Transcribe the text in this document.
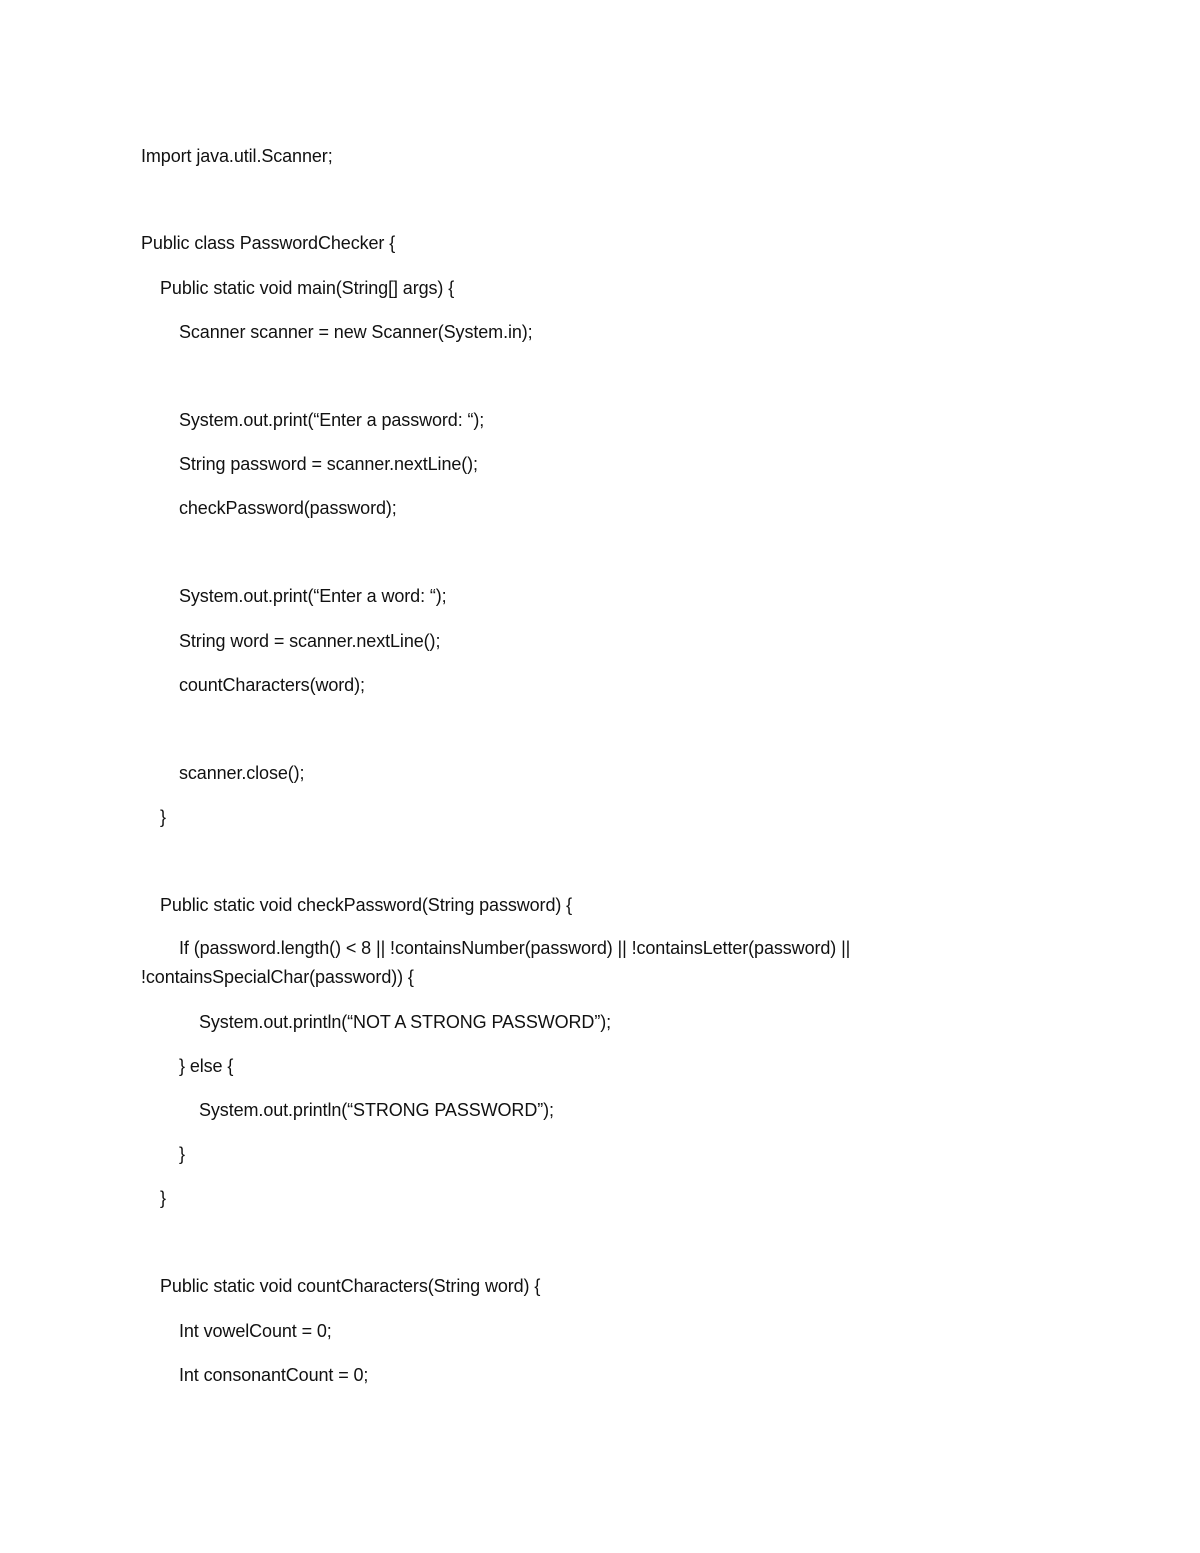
Import java.util.Scanner;
Public class PasswordChecker {
Public static void main(String[] args) {
Scanner scanner = new Scanner(System.in);
System.out.print(“Enter a password: “);
String password = scanner.nextLine();
checkPassword(password);
System.out.print(“Enter a word: “);
String word = scanner.nextLine();
countCharacters(word);
scanner.close();
}
Public static void checkPassword(String password) {
If (password.length() < 8 || !containsNumber(password) || !containsLetter(password) || !containsSpecialChar(password)) {
System.out.println(“NOT A STRONG PASSWORD”);
} else {
System.out.println(“STRONG PASSWORD”);
}
}
Public static void countCharacters(String word) {
Int vowelCount = 0;
Int consonantCount = 0;
